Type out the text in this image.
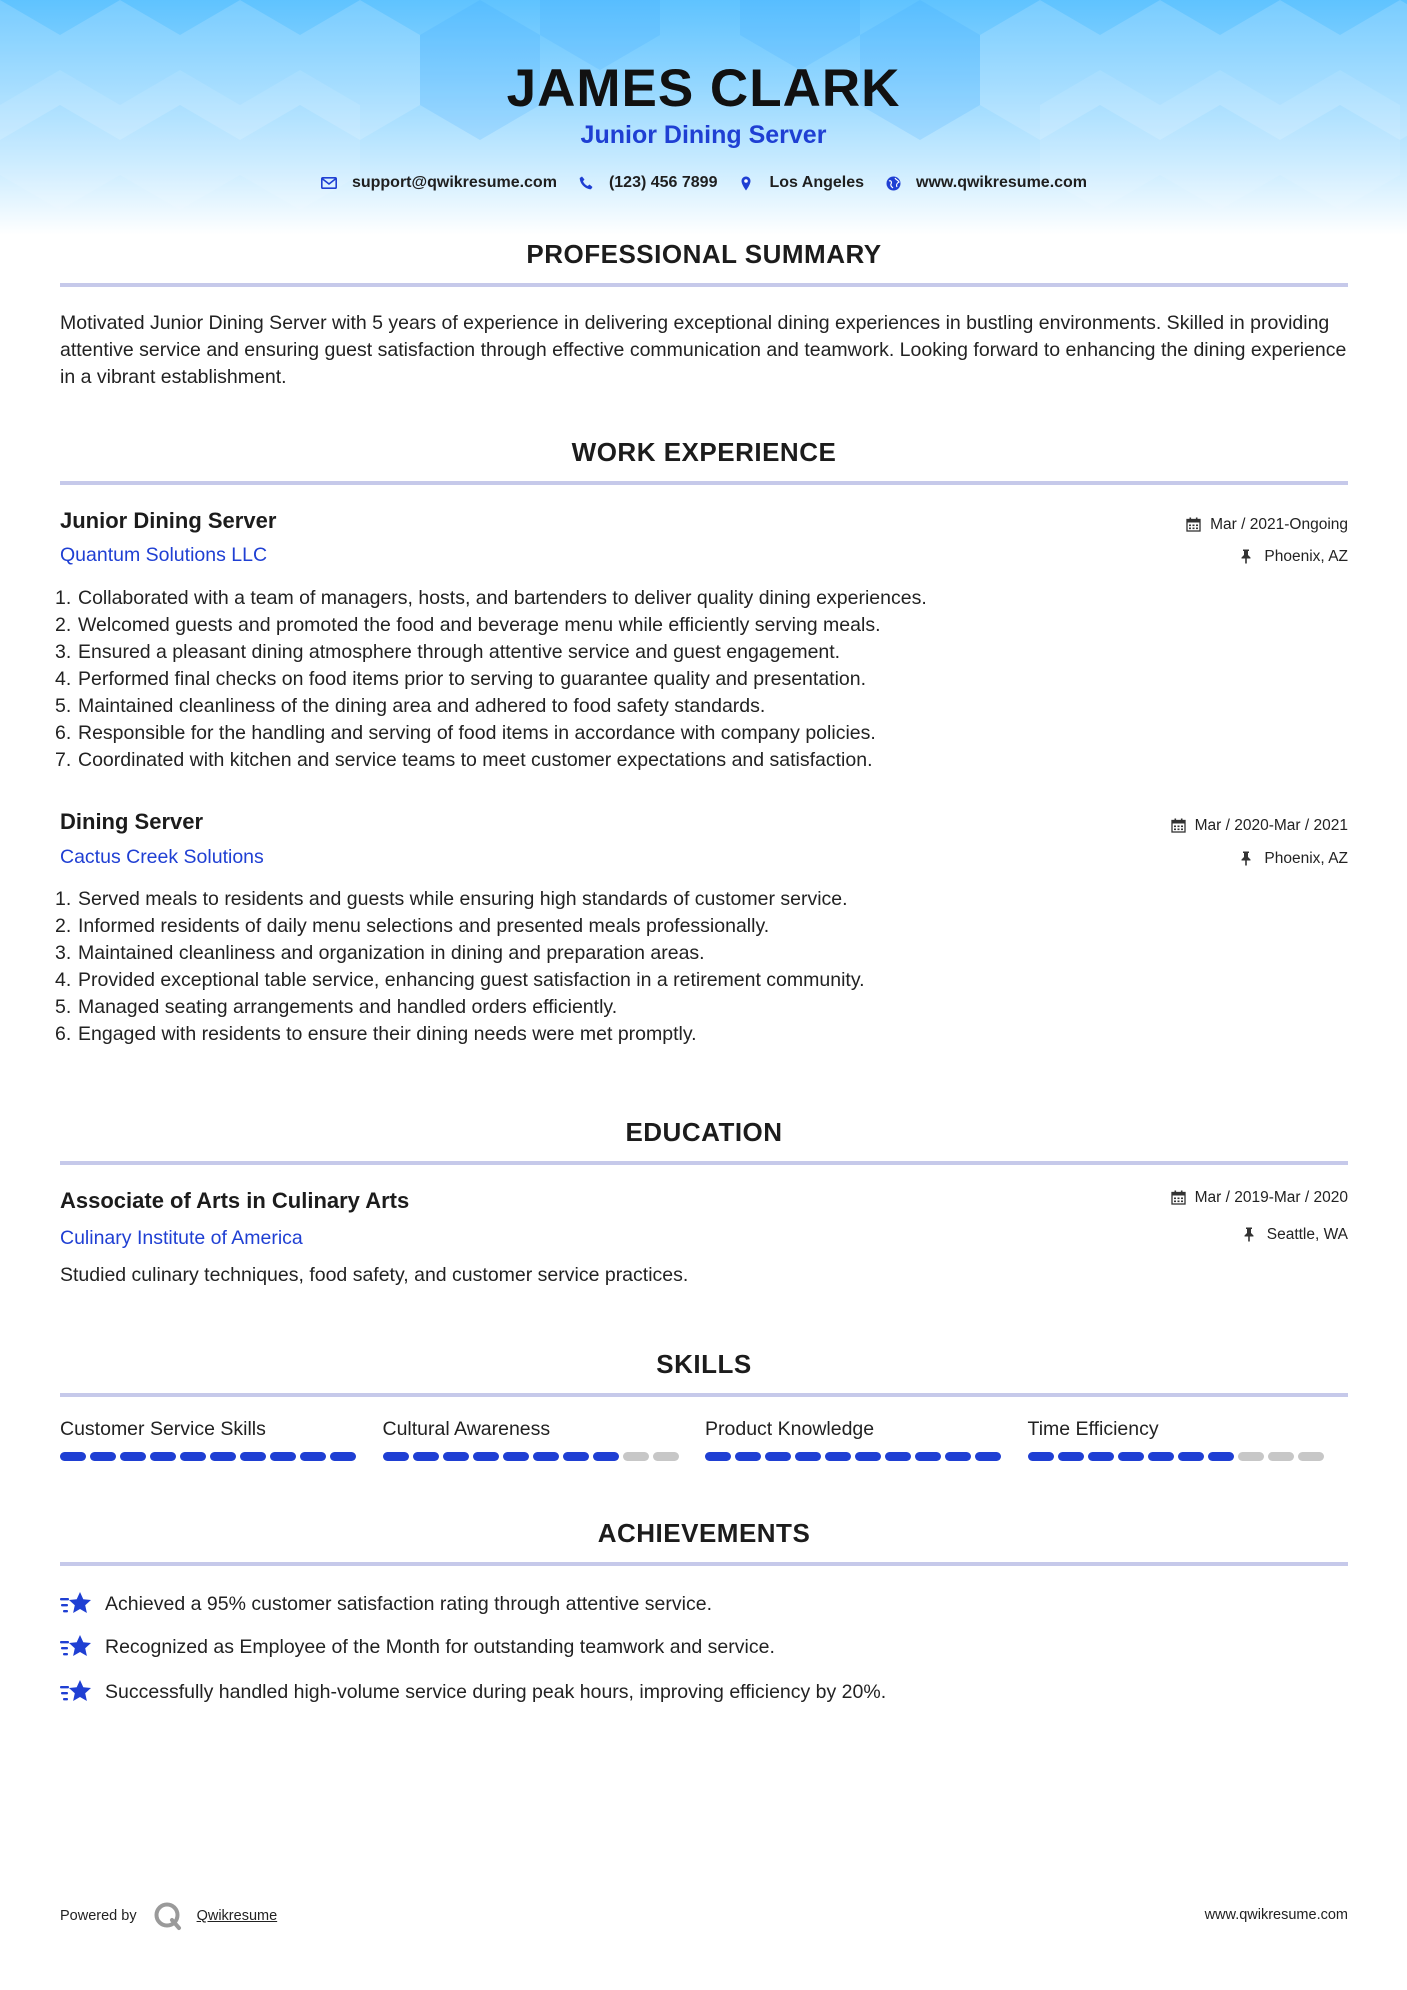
JAMES CLARK
Junior Dining Server
support@qwikresume.com	(123) 456 7899	Los Angeles	www.qwikresume.com
PROFESSIONAL SUMMARY
Motivated Junior Dining Server with 5 years of experience in delivering exceptional dining experiences in bustling environments. Skilled in providing attentive service and ensuring guest satisfaction through effective communication and teamwork. Looking forward to enhancing the dining experience in a vibrant establishment.
WORK EXPERIENCE
Junior Dining Server	Mar / 2021-Ongoing
Quantum Solutions LLC	Phoenix, AZ
1. Collaborated with a team of managers, hosts, and bartenders to deliver quality dining experiences.
2. Welcomed guests and promoted the food and beverage menu while efficiently serving meals.
3. Ensured a pleasant dining atmosphere through attentive service and guest engagement.
4. Performed final checks on food items prior to serving to guarantee quality and presentation.
5. Maintained cleanliness of the dining area and adhered to food safety standards.
6. Responsible for the handling and serving of food items in accordance with company policies.
7. Coordinated with kitchen and service teams to meet customer expectations and satisfaction.
Dining Server	Mar / 2020-Mar / 2021
Cactus Creek Solutions	Phoenix, AZ
1. Served meals to residents and guests while ensuring high standards of customer service.
2. Informed residents of daily menu selections and presented meals professionally.
3. Maintained cleanliness and organization in dining and preparation areas.
4. Provided exceptional table service, enhancing guest satisfaction in a retirement community.
5. Managed seating arrangements and handled orders efficiently.
6. Engaged with residents to ensure their dining needs were met promptly.
EDUCATION
Associate of Arts in Culinary Arts	Mar / 2019-Mar / 2020
Culinary Institute of America	Seattle, WA
Studied culinary techniques, food safety, and customer service practices.
SKILLS
Customer Service Skills	Cultural Awareness	Product Knowledge	Time Efficiency
ACHIEVEMENTS
Achieved a 95% customer satisfaction rating through attentive service.
Recognized as Employee of the Month for outstanding teamwork and service.
Successfully handled high-volume service during peak hours, improving efficiency by 20%.
Powered by	Qwikresume	www.qwikresume.com
